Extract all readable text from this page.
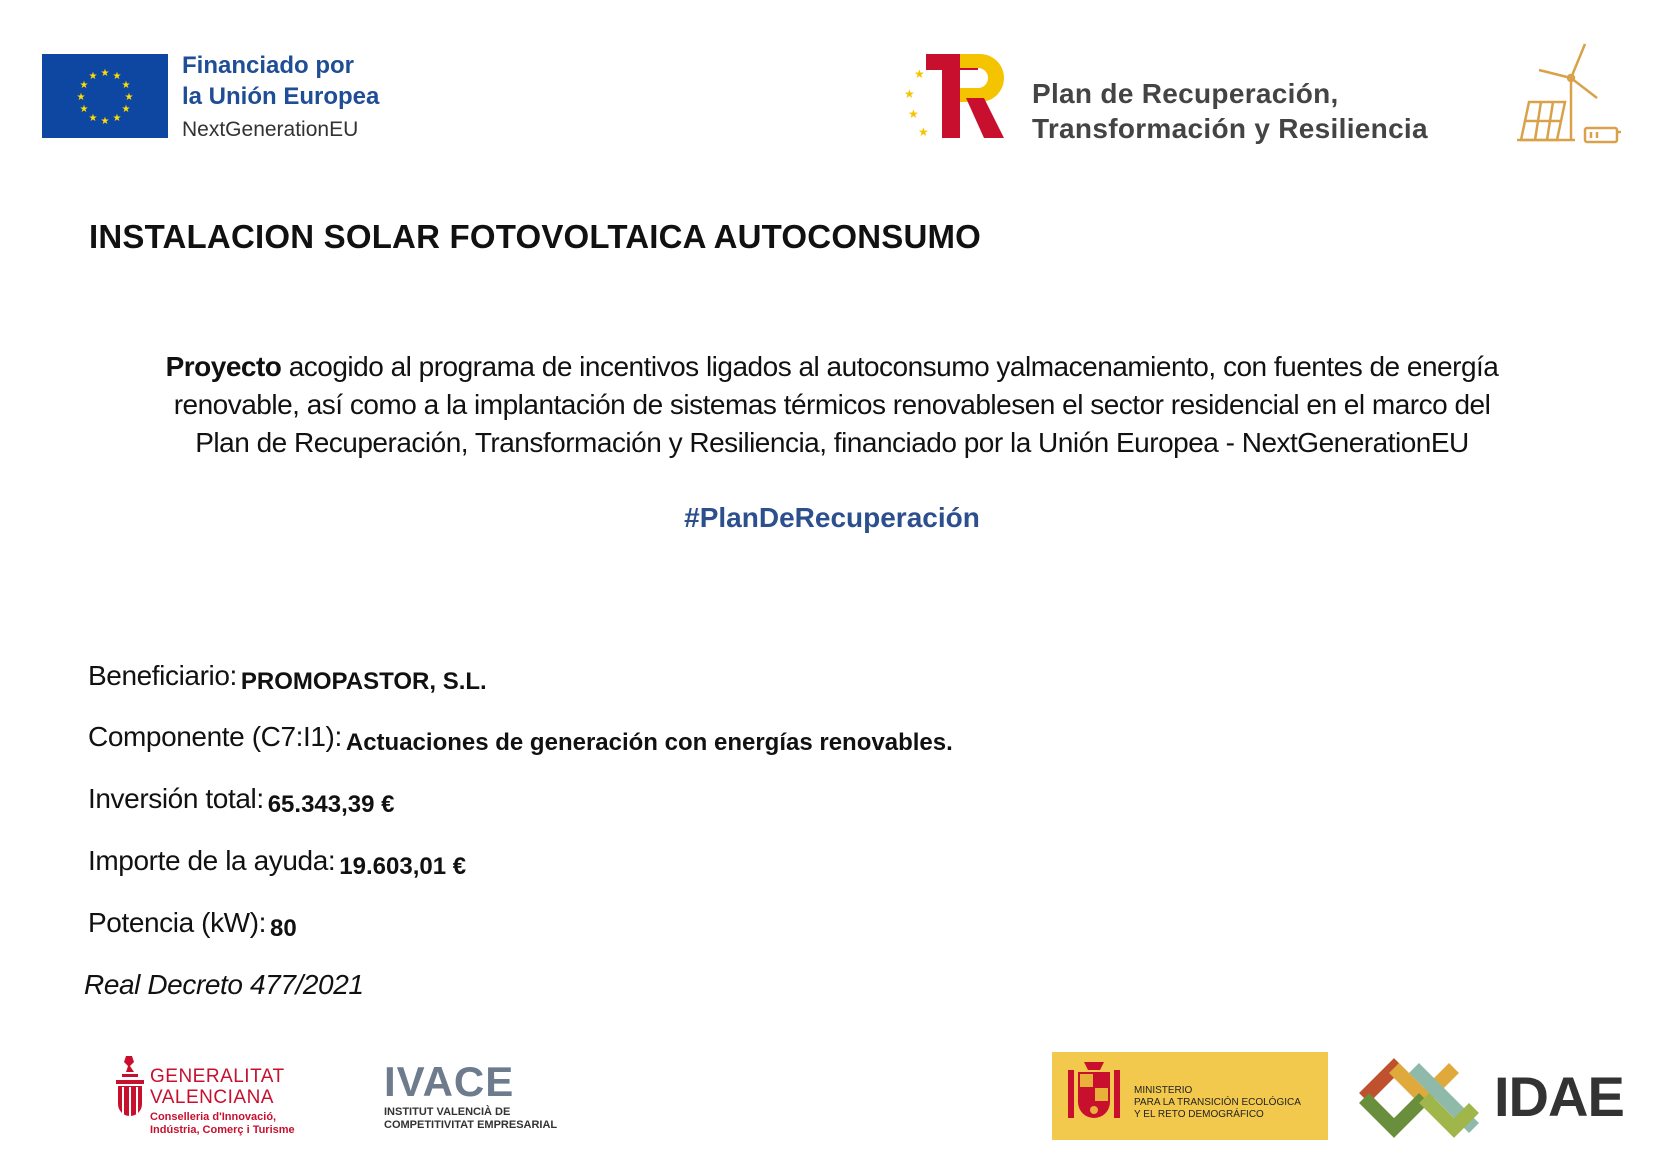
★ ★
★
★
★
★
★
★
★
★
★
★	Financiado por
la Unión Europea
NextGenerationEU
★
★
★
★
Plan de Recuperación,
Transformación y Resiliencia
INSTALACION SOLAR FOTOVOLTAICA AUTOCONSUMO
Proyecto acogido al programa de incentivos ligados al autoconsumo yalmacenamiento, con fuentes de energía
renovable, así como a la implantación de sistemas térmicos renovablesen el sector residencial en el marco del
Plan de Recuperación, Transformación y Resiliencia, financiado por la Unión Europea - NextGenerationEU
#PlanDeRecuperación
Beneficiario: PROMOPASTOR, S.L.
Componente (C7:I1): Actuaciones de generación con energías renovables.
Inversión total: 65.343,39 €
Importe de la ayuda: 19.603,01 €
Potencia (kW): 80
Real Decreto 477/2021
GENERALITAT
VALENCIANA
Conselleria d'Innovació,
Indústria, Comerç i Turisme
IVACE
INSTITUT VALENCIÀ DE
COMPETITIVITAT EMPRESARIAL
MINISTERIO
PARA LA TRANSICIÓN ECOLÓGICA
Y EL RETO DEMOGRÁFICO	IDAE
